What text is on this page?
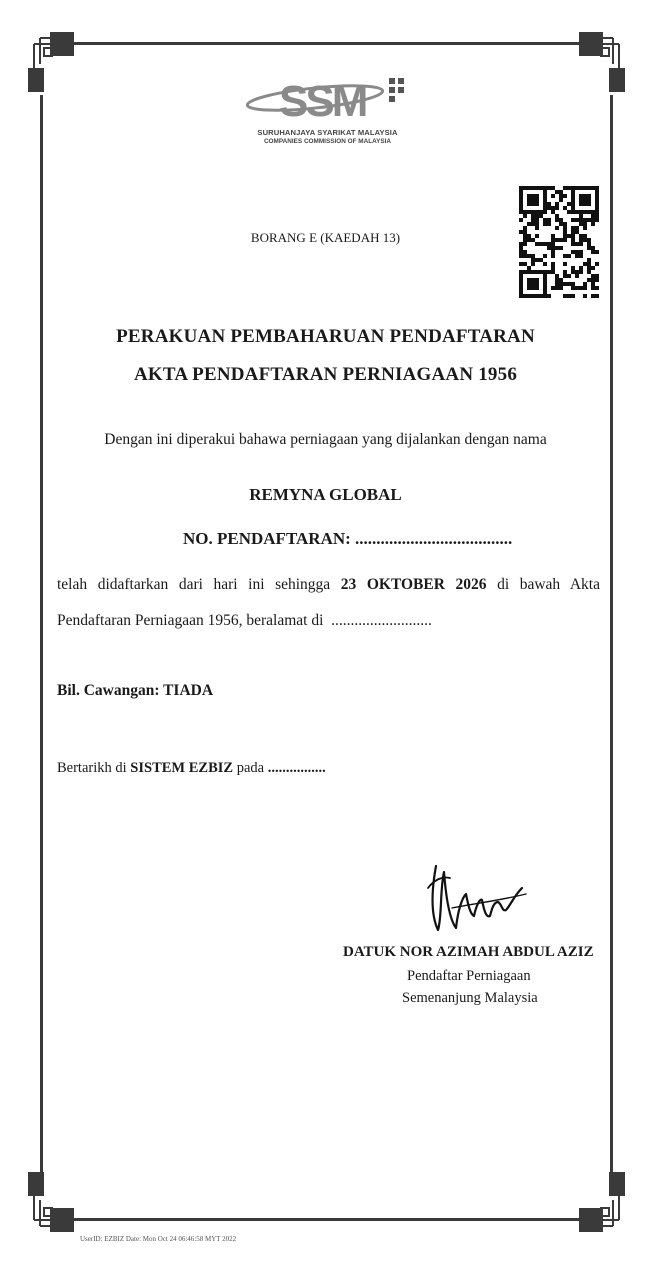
SSM
SURUHANJAYA SYARIKAT MALAYSIA
COMPANIES COMMISSION OF MALAYSIA
BORANG E (KAEDAH 13)
PERAKUAN PEMBAHARUAN PENDAFTARAN
AKTA PENDAFTARAN PERNIAGAAN 1956
Dengan ini diperakui bahawa perniagaan yang dijalankan dengan nama
REMYNA GLOBAL
NO. PENDAFTARAN: .....................................
telah didaftarkan dari hari ini sehingga 23 OKTOBER 2026 di bawah Akta
Pendaftaran Perniagaan 1956, beralamat di  ..........................
Bil. Cawangan: TIADA
Bertarikh di SISTEM EZBIZ pada ................
DATUK NOR AZIMAH ABDUL AZIZ
Pendaftar Perniagaan
Semenanjung Malaysia
UserID: EZBIZ Date: Mon Oct 24 06:46:58 MYT 2022
